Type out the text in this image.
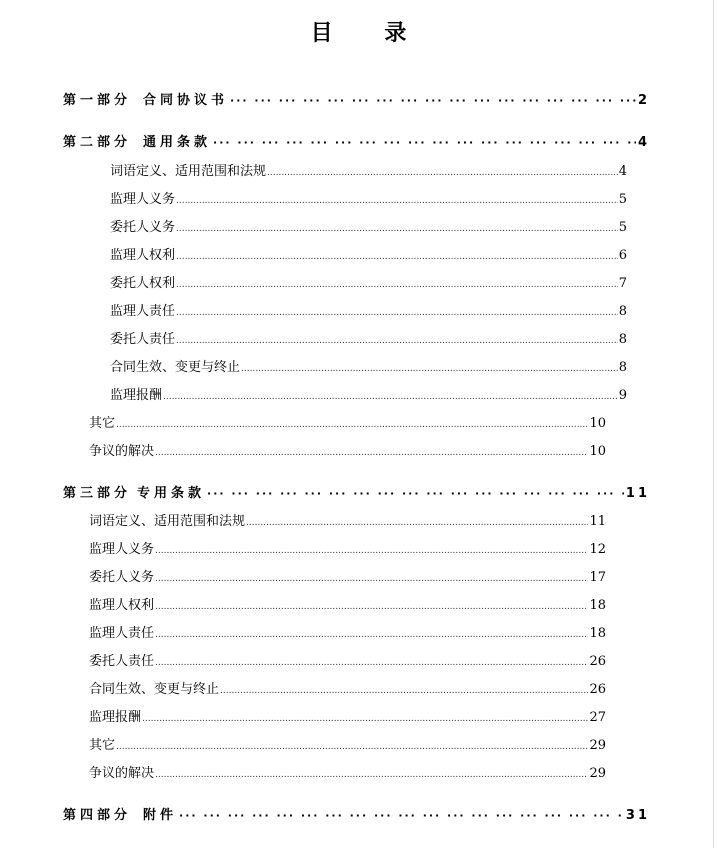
目 录
第一部分 合同协议书 ··· ·	2
第二部分 通用条款 ··· ·	4
词语定义、适用范围和法规 .....	4
监理人义务 .....	5
委托人义务 .....	5
监理人权利 .....	6
委托人权利 .....	7
监理人责任 .....	8
委托人责任 .....	8
合同生效、变更与终止 .....	8
监理报酬 .....	9
其它 .....	10
争议的解决 .....	10
第三部分 专用条款 ··· ·	11
词语定义、适用范围和法规 .....	11
监理人义务 .....	12
委托人义务 .....	17
监理人权利 .....	18
监理人责任 .....	18
委托人责任 .....	26
合同生效、变更与终止 .....	26
监理报酬 .....	27
其它 .....	29
争议的解决 .....	29
第四部分 附件 ··· ·	31
